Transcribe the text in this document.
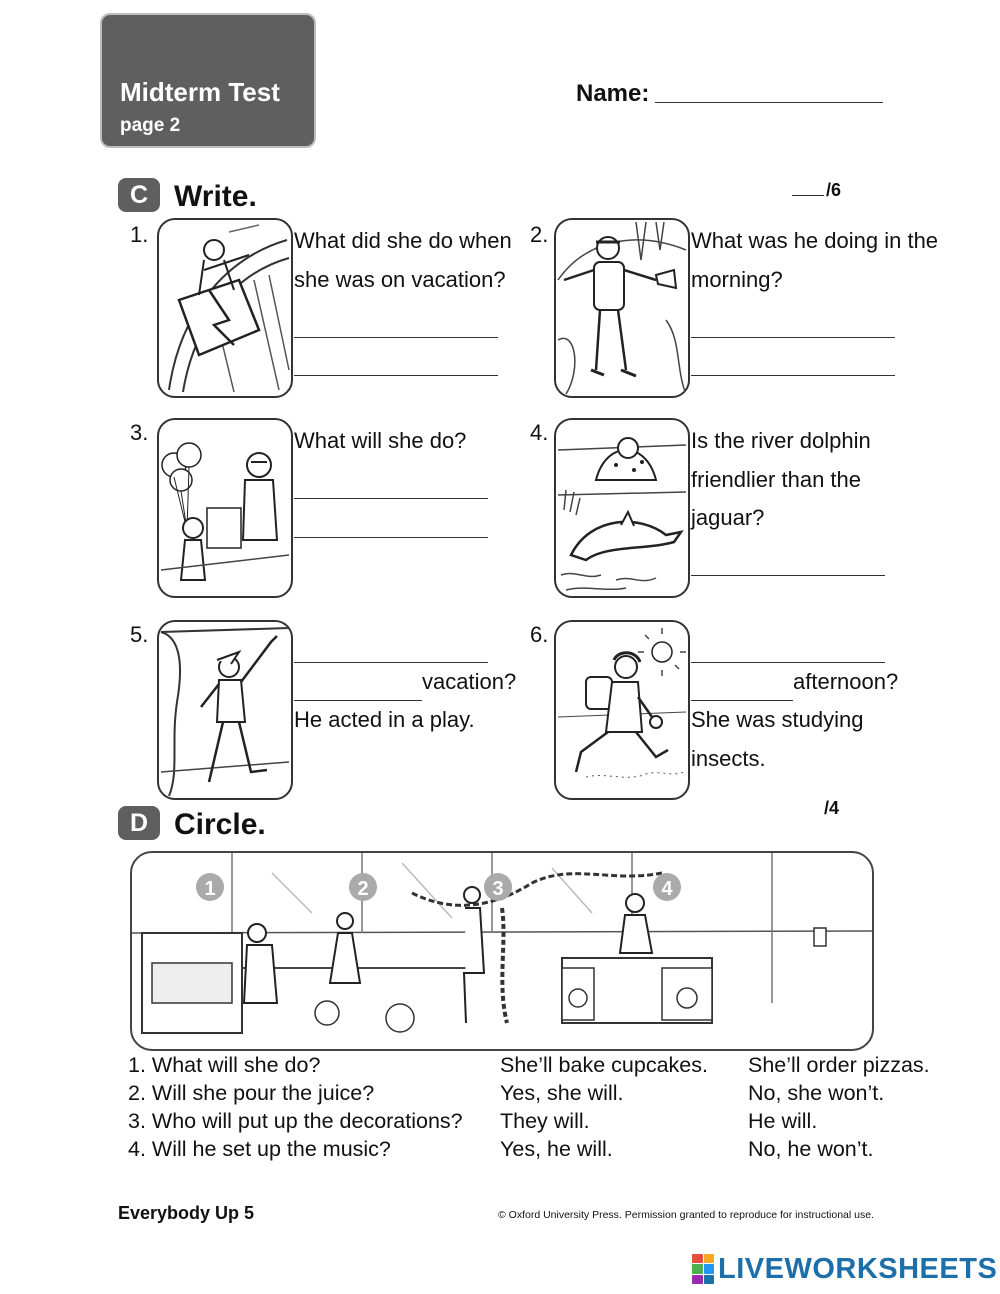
Midterm Test
page 2
Name:
C Write.	/6
1.	What did she do when
she was on vacation?
2.	What was he doing in the
morning?
3.	What will she do?	4.	Is the river dolphin
friendlier than the
jaguar?
5.
vacation?
He acted in a play.
6.
afternoon?
She was studying
insects.
D Circle.	/4
1	2	3	4
1. What will she do?	She’ll bake cupcakes. She’ll order pizzas.
2. Will she pour the juice?	Yes, she will.	No, she won’t.
3. Who will put up the decorations? They will.	He will.
4. Will he set up the music?	Yes, he will.	No, he won’t.
Everybody Up 5	© Oxford University Press. Permission granted to reproduce for instructional use.
LIVEWORKSHEETS
